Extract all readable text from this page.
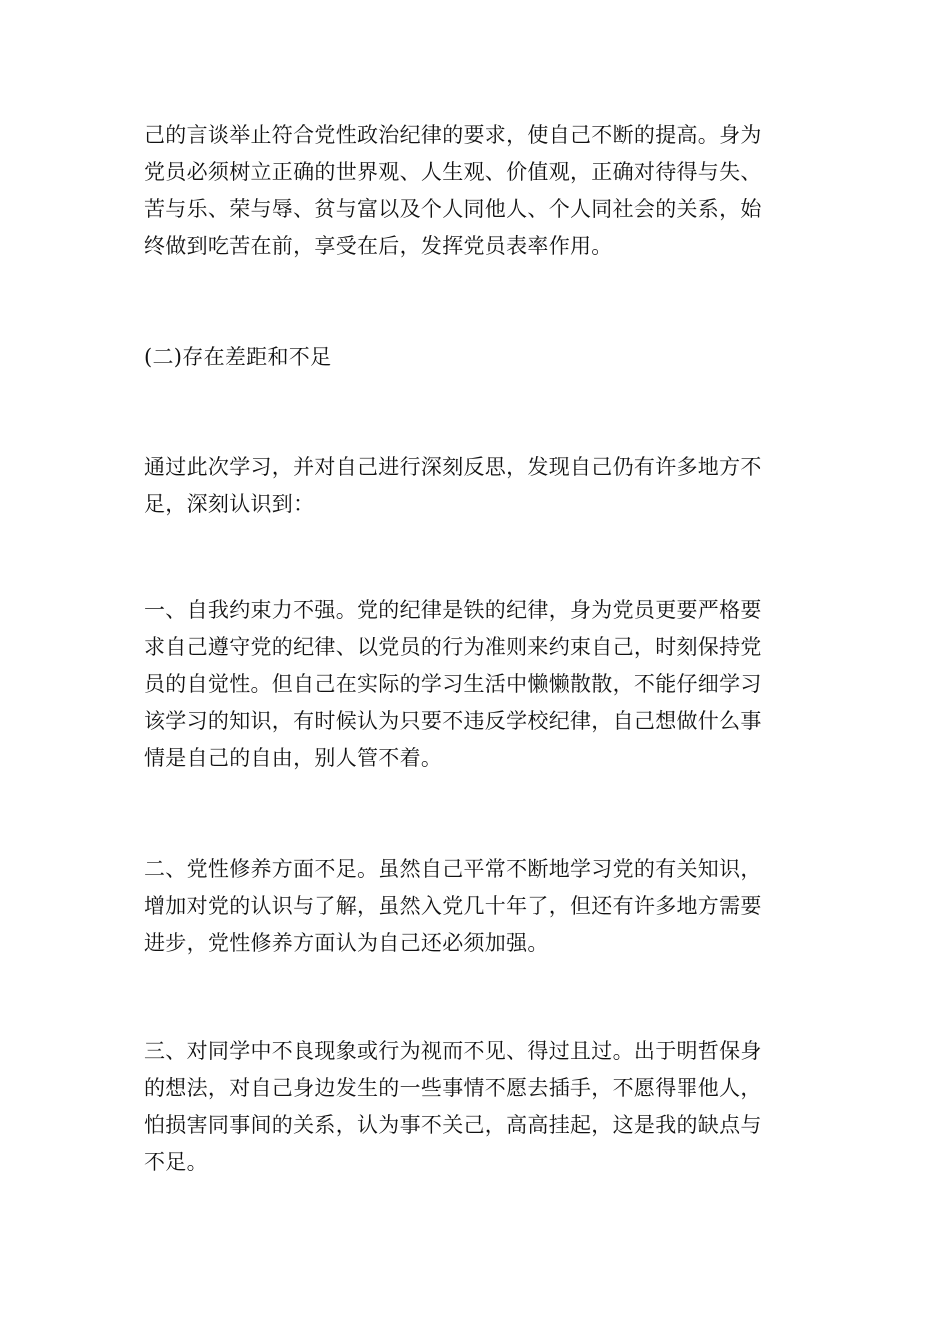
己的言谈举止符合党性政治纪律的要求，使自己不断的提高。身为
党员必须树立正确的世界观、人生观、价值观，正确对待得与失、
苦与乐、荣与辱、贫与富以及个人同他人、个人同社会的关系，始
终做到吃苦在前，享受在后，发挥党员表率作用。

(二)存在差距和不足

通过此次学习，并对自己进行深刻反思，发现自己仍有许多地方不
足，深刻认识到：

一、自我约束力不强。党的纪律是铁的纪律，身为党员更要严格要
求自己遵守党的纪律、以党员的行为准则来约束自己，时刻保持党
员的自觉性。但自己在实际的学习生活中懒懒散散，不能仔细学习
该学习的知识，有时候认为只要不违反学校纪律，自己想做什么事
情是自己的自由，别人管不着。

二、党性修养方面不足。虽然自己平常不断地学习党的有关知识，
增加对党的认识与了解，虽然入党几十年了，但还有许多地方需要
进步，党性修养方面认为自己还必须加强。

三、对同学中不良现象或行为视而不见、得过且过。出于明哲保身
的想法，对自己身边发生的一些事情不愿去插手，不愿得罪他人，
怕损害同事间的关系，认为事不关己，高高挂起，这是我的缺点与
不足。
